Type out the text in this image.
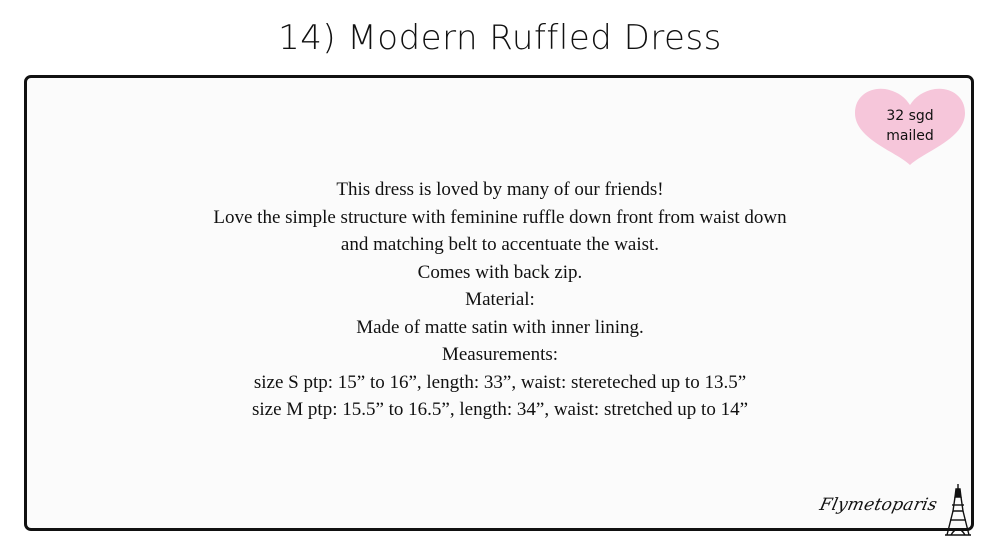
14) Modern Ruffled Dress
32 sgd
mailed
This dress is loved by many of our friends!
Love the simple structure with feminine ruffle down front from waist down
and matching belt to accentuate the waist.
Comes with back zip.
Material:
Made of matte satin with inner lining.
Measurements:
size S ptp: 15” to 16”, length: 33”, waist: stereteched up to 13.5”
size M ptp: 15.5” to 16.5”, length: 34”, waist: stretched up to 14”
Flymetoparis
